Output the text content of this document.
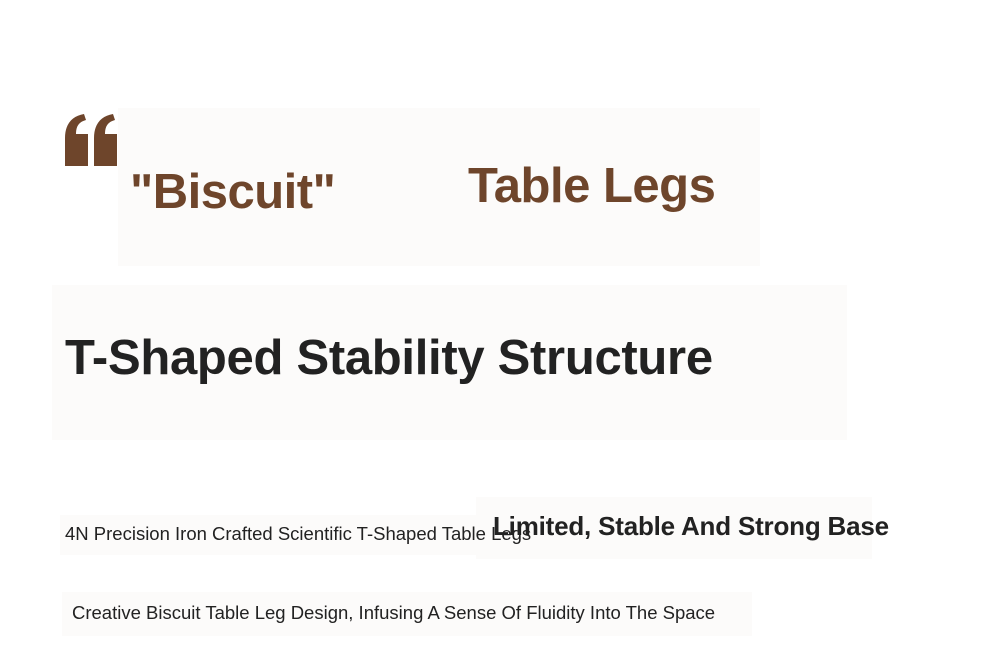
"Biscuit"	Table Legs
T-Shaped Stability Structure
4N Precision Iron Crafted Scientific T-Shaped Table Legs
Limited, Stable And Strong Base
Creative Biscuit Table Leg Design, Infusing A Sense Of Fluidity Into The Space
